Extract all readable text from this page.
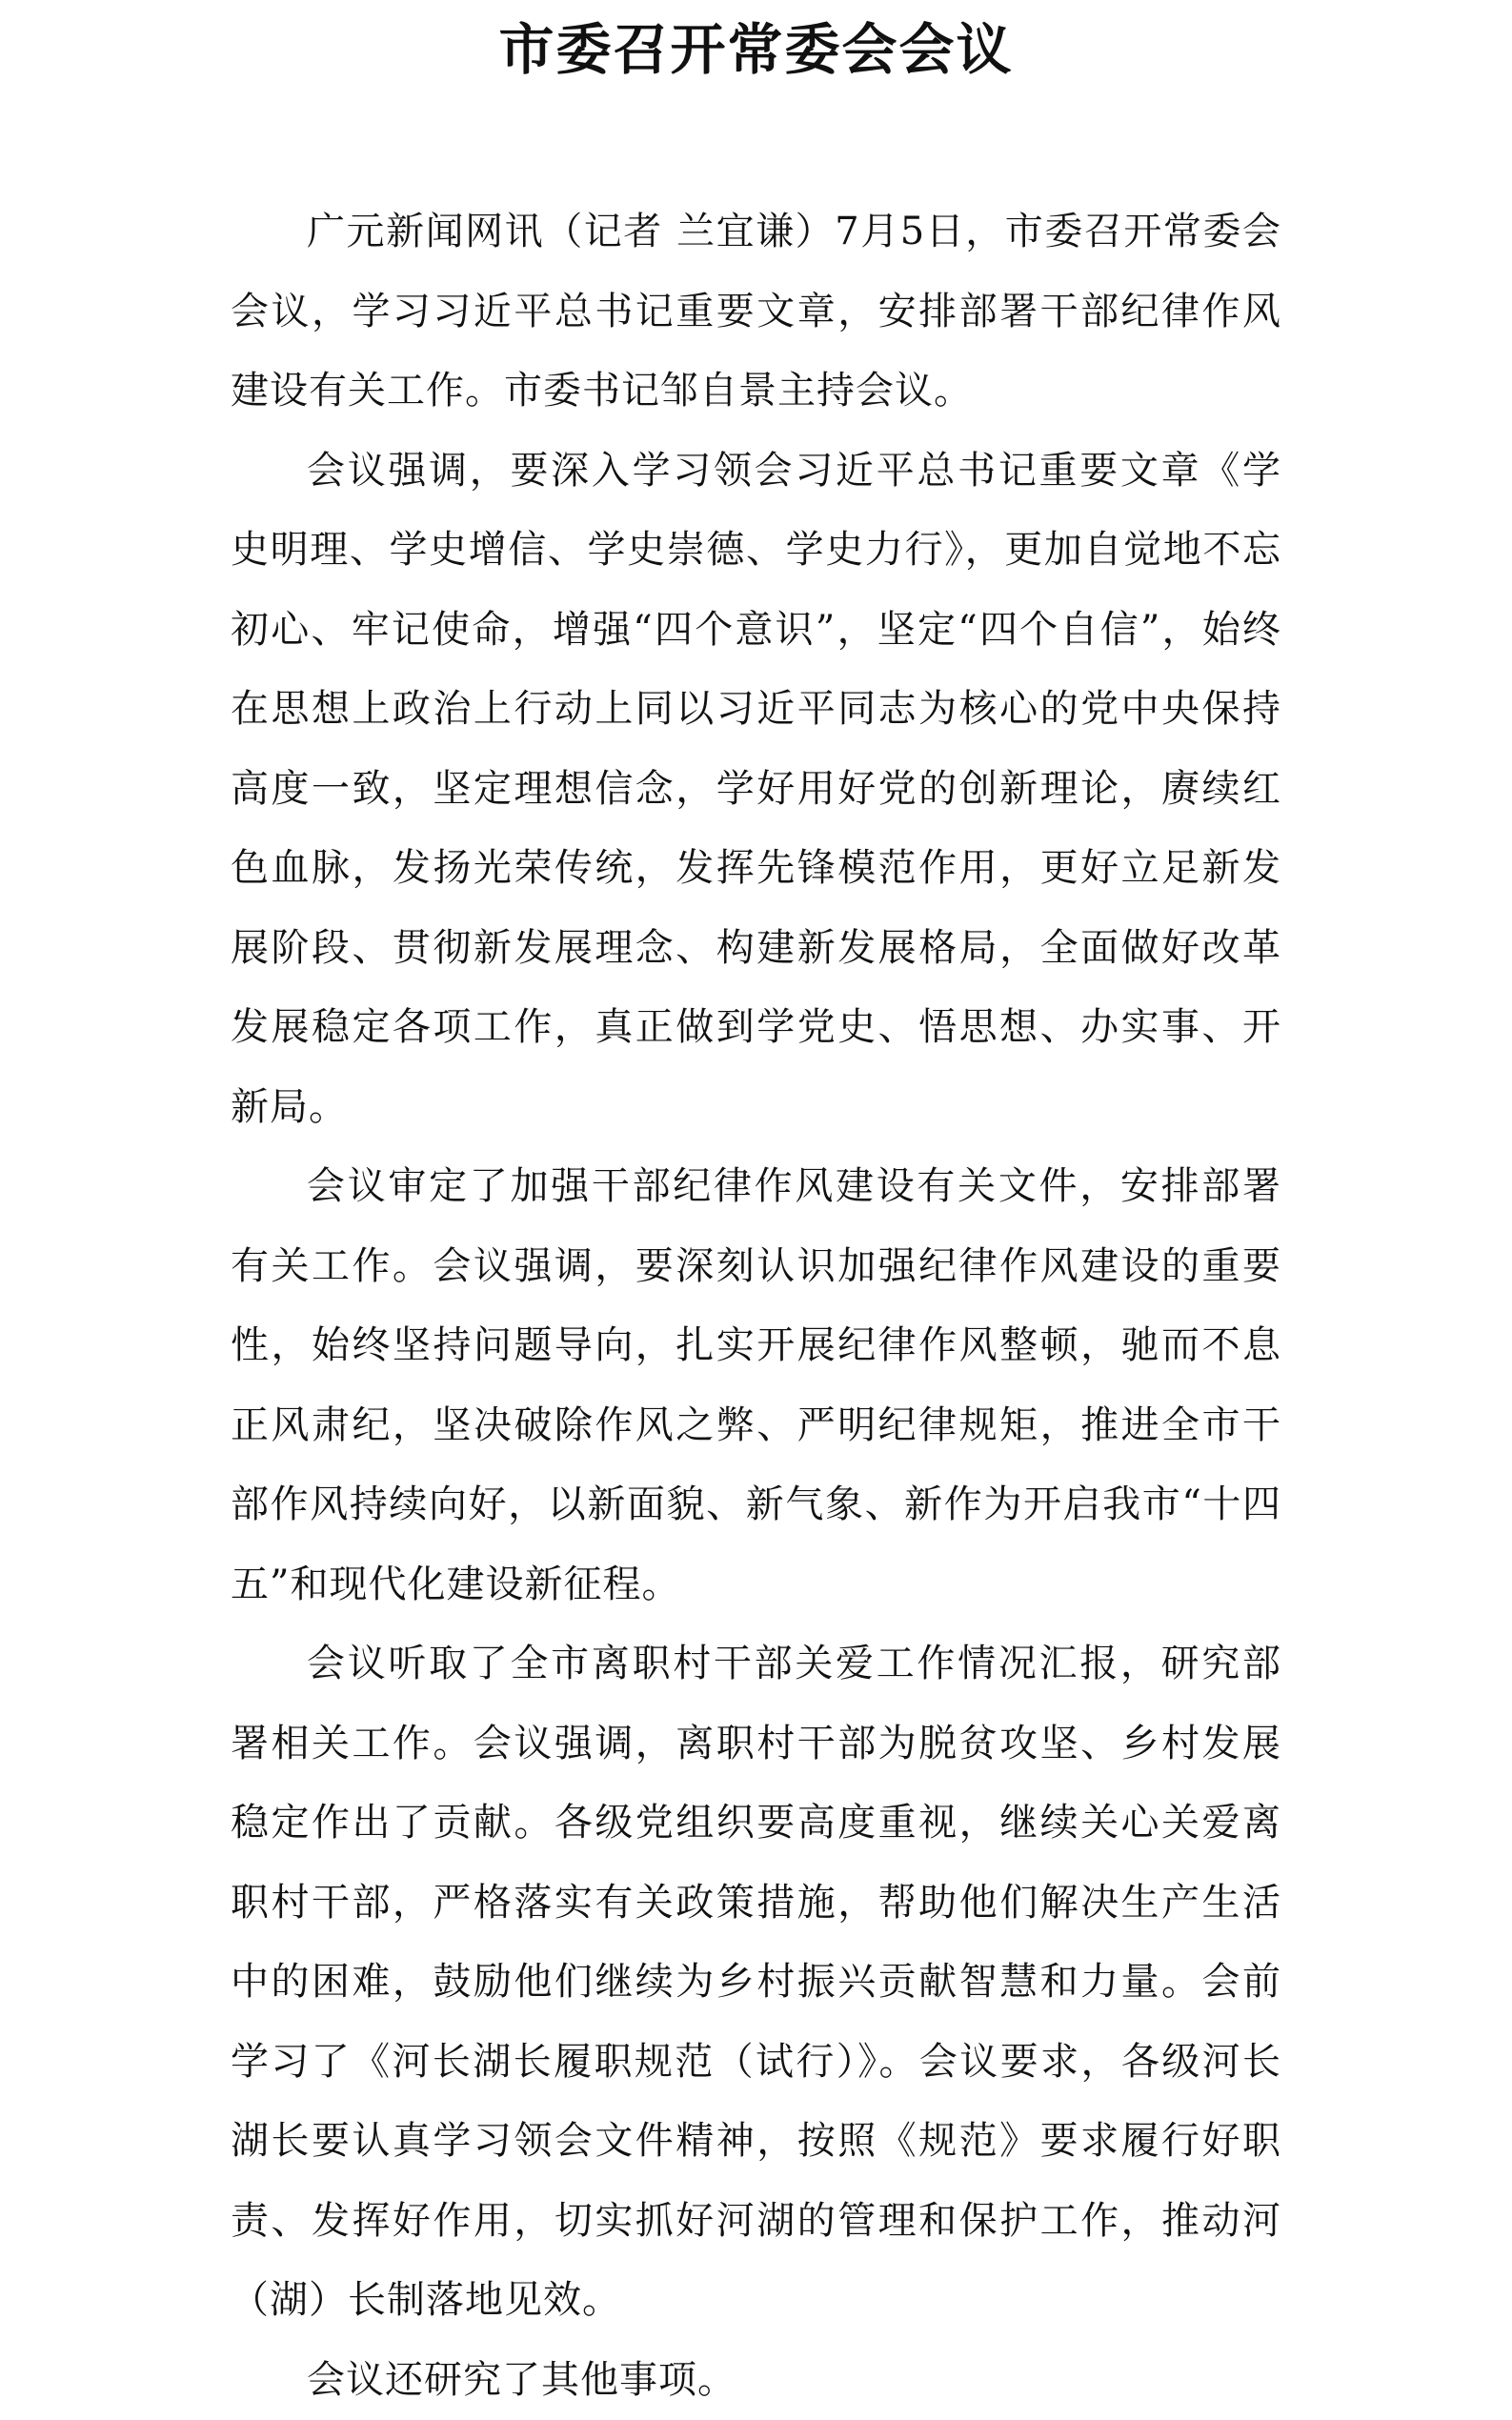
市委召开常委会会议

广元新闻网讯（记者 兰宜谦）7月5日，市委召开常委会会议，学习习近平总书记重要文章，安排部署干部纪律作风建设有关工作。市委书记邹自景主持会议。

会议强调，要深入学习领会习近平总书记重要文章《学史明理、学史增信、学史崇德、学史力行》，更加自觉地不忘初心、牢记使命，增强“四个意识”，坚定“四个自信”，始终在思想上政治上行动上同以习近平同志为核心的党中央保持高度一致，坚定理想信念，学好用好党的创新理论，赓续红色血脉，发扬光荣传统，发挥先锋模范作用，更好立足新发展阶段、贯彻新发展理念、构建新发展格局，全面做好改革发展稳定各项工作，真正做到学党史、悟思想、办实事、开新局。

会议审定了加强干部纪律作风建设有关文件，安排部署有关工作。会议强调，要深刻认识加强纪律作风建设的重要性，始终坚持问题导向，扎实开展纪律作风整顿，驰而不息正风肃纪，坚决破除作风之弊、严明纪律规矩，推进全市干部作风持续向好，以新面貌、新气象、新作为开启我市“十四五”和现代化建设新征程。

会议听取了全市离职村干部关爱工作情况汇报，研究部署相关工作。会议强调，离职村干部为脱贫攻坚、乡村发展稳定作出了贡献。各级党组织要高度重视，继续关心关爱离职村干部，严格落实有关政策措施，帮助他们解决生产生活中的困难，鼓励他们继续为乡村振兴贡献智慧和力量。会前学习了《河长湖长履职规范（试行）》。会议要求，各级河长湖长要认真学习领会文件精神，按照《规范》要求履行好职责、发挥好作用，切实抓好河湖的管理和保护工作，推动河（湖）长制落地见效。

会议还研究了其他事项。
